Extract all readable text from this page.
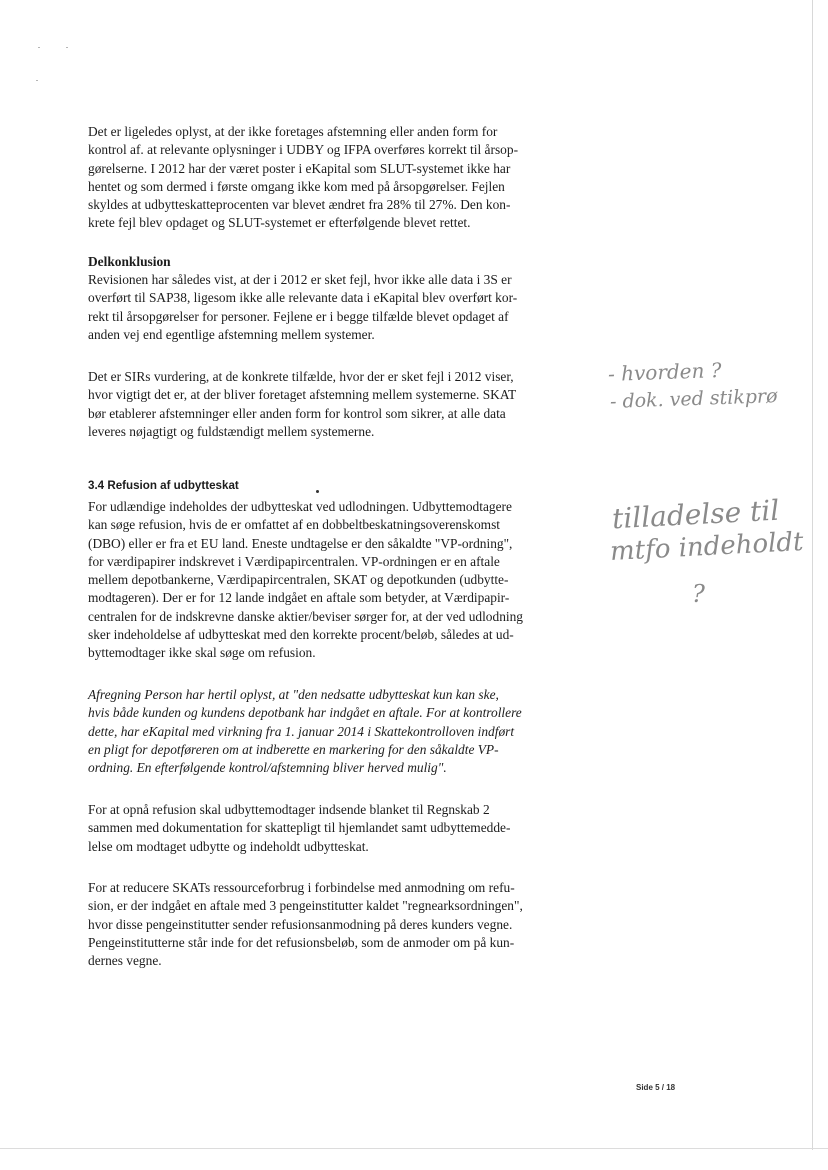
Det er ligeledes oplyst, at der ikke foretages afstemning eller anden form for
kontrol af. at relevante oplysninger i UDBY og IFPA overføres korrekt til årsop-
gørelserne. I 2012 har der været poster i eKapital som SLUT-systemet ikke har
hentet og som dermed i første omgang ikke kom med på årsopgørelser. Fejlen
skyldes at udbytteskatteprocenten var blevet ændret fra 28% til 27%. Den kon-
krete fejl blev opdaget og SLUT-systemet er efterfølgende blevet rettet.
Delkonklusion
Revisionen har således vist, at der i 2012 er sket fejl, hvor ikke alle data i 3S er
overført til SAP38, ligesom ikke alle relevante data i eKapital blev overført kor-
rekt til årsopgørelser for personer. Fejlene er i begge tilfælde blevet opdaget af
anden vej end egentlige afstemning mellem systemer.
Det er SIRs vurdering, at de konkrete tilfælde, hvor der er sket fejl i 2012 viser,
hvor vigtigt det er, at der bliver foretaget afstemning mellem systemerne. SKAT
bør etablerer afstemninger eller anden form for kontrol som sikrer, at alle data
leveres nøjagtigt og fuldstændigt mellem systemerne.
3.4 Refusion af udbytteskat
For udlændige indeholdes der udbytteskat ved udlodningen. Udbyttemodtagere
kan søge refusion, hvis de er omfattet af en dobbeltbeskatningsoverenskomst
(DBO) eller er fra et EU land. Eneste undtagelse er den såkaldte "VP-ordning",
for værdipapirer indskrevet i Værdipapircentralen. VP-ordningen er en aftale
mellem depotbankerne, Værdipapircentralen, SKAT og depotkunden (udbytte-
modtageren). Der er for 12 lande indgået en aftale som betyder, at Værdipapir-
centralen for de indskrevne danske aktier/beviser sørger for, at der ved udlodning
sker indeholdelse af udbytteskat med den korrekte procent/beløb, således at ud-
byttemodtager ikke skal søge om refusion.
Afregning Person har hertil oplyst, at "den nedsatte udbytteskat kun kan ske,
hvis både kunden og kundens depotbank har indgået en aftale. For at kontrollere
dette, har eKapital med virkning fra 1. januar 2014 i Skattekontrolloven indført
en pligt for depotføreren om at indberette en markering for den såkaldte VP-
ordning. En efterfølgende kontrol/afstemning bliver herved mulig".
For at opnå refusion skal udbyttemodtager indsende blanket til Regnskab 2
sammen med dokumentation for skattepligt til hjemlandet samt udbyttemedde-
lelse om modtaget udbytte og indeholdt udbytteskat.
For at reducere SKATs ressourceforbrug i forbindelse med anmodning om refu-
sion, er der indgået en aftale med 3 pengeinstitutter kaldet "regnearksordningen",
hvor disse pengeinstitutter sender refusionsanmodning på deres kunders vegne.
Pengeinstitutterne står inde for det refusionsbeløb, som de anmoder om på kun-
dernes vegne.
- hvorden ?
- dok. ved stikprø
tilladelse til
mtfo indeholdt
?
Side 5 / 18
